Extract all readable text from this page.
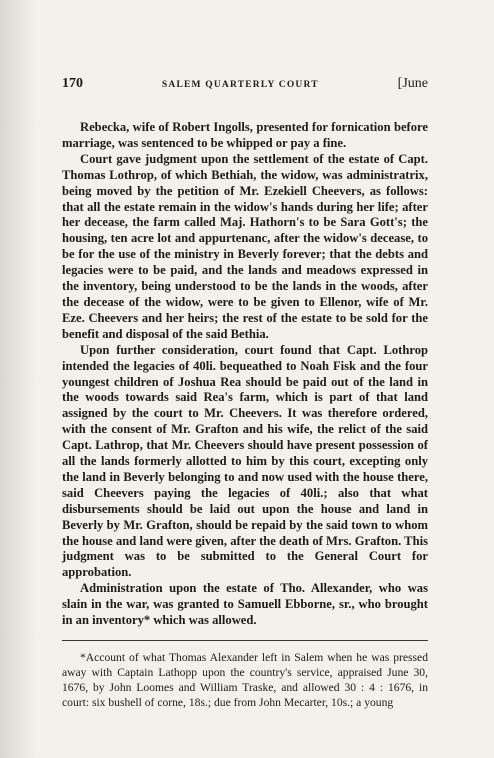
170	SALEM QUARTERLY COURT	[June

Rebecka, wife of Robert Ingolls, presented for fornication before marriage, was sentenced to be whipped or pay a fine.

Court gave judgment upon the settlement of the estate of Capt. Thomas Lothrop, of which Bethiah, the widow, was administratrix, being moved by the petition of Mr. Ezekiell Cheevers, as follows: that all the estate remain in the widow's hands during her life; after her decease, the farm called Maj. Hathorn's to be Sara Gott's; the housing, ten acre lot and appurtenanc, after the widow's decease, to be for the use of the ministry in Beverly forever; that the debts and legacies were to be paid, and the lands and meadows expressed in the inventory, being understood to be the lands in the woods, after the decease of the widow, were to be given to Ellenor, wife of Mr. Eze. Cheevers and her heirs; the rest of the estate to be sold for the benefit and disposal of the said Bethia.

Upon further consideration, court found that Capt. Lothrop intended the legacies of 40li. bequeathed to Noah Fisk and the four youngest children of Joshua Rea should be paid out of the land in the woods towards said Rea's farm, which is part of that land assigned by the court to Mr. Cheevers. It was therefore ordered, with the consent of Mr. Grafton and his wife, the relict of the said Capt. Lathrop, that Mr. Cheevers should have present possession of all the lands formerly allotted to him by this court, excepting only the land in Beverly belonging to and now used with the house there, said Cheevers paying the legacies of 40li.; also that what disbursements should be laid out upon the house and land in Beverly by Mr. Grafton, should be repaid by the said town to whom the house and land were given, after the death of Mrs. Grafton. This judgment was to be submitted to the General Court for approbation.

Administration upon the estate of Tho. Allexander, who was slain in the war, was granted to Samuell Ebborne, sr., who brought in an inventory* which was allowed.

*Account of what Thomas Alexander left in Salem when he was pressed away with Captain Lathopp upon the country's service, appraised June 30, 1676, by John Loomes and William Traske, and allowed 30 : 4 : 1676, in court: six bushell of corne, 18s.; due from John Mecarter, 10s.; a young
